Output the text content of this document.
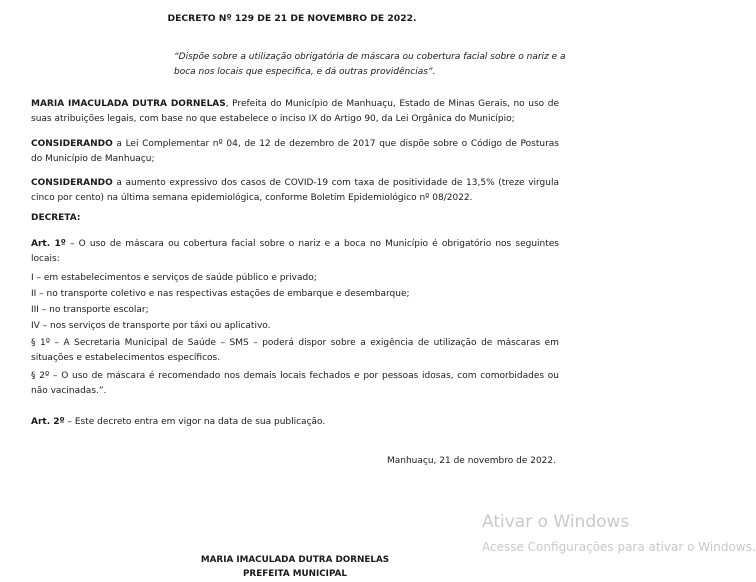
DECRETO Nº 129 DE 21 DE NOVEMBRO DE 2022.
“Dispõe sobre a utilização obrigatória de máscara ou cobertura facial sobre o nariz e a boca nos locais que especifica, e dá outras providências”.
MARIA IMACULADA DUTRA DORNELAS, Prefeita do Município de Manhuaçu, Estado de Minas Gerais, no uso de suas atribuições legais, com base no que estabelece o inciso IX do Artigo 90, da Lei Orgânica do Município;
CONSIDERANDO a Lei Complementar nº 04, de 12 de dezembro de 2017 que dispõe sobre o Código de Posturas do Município de Manhuaçu;
CONSIDERANDO a aumento expressivo dos casos de COVID-19 com taxa de positividade de 13,5% (treze virgula cinco por cento) na última semana epidemiológica, conforme Boletim Epidemiológico nº 08/2022.
DECRETA:
Art. 1º – O uso de máscara ou cobertura facial sobre o nariz e a boca no Município é obrigatório nos seguintes locais:
I – em estabelecimentos e serviços de saúde público e privado;
II – no transporte coletivo e nas respectivas estações de embarque e desembarque;
III – no transporte escolar;
IV – nos serviços de transporte por táxi ou aplicativo.
§ 1º – A Secretaria Municipal de Saúde – SMS – poderá dispor sobre a exigência de utilização de máscaras em situações e estabelecimentos específicos.
§ 2º – O uso de máscara é recomendado nos demais locais fechados e por pessoas idosas, com comorbidades ou não vacinadas.”.
Art. 2º – Este decreto entra em vigor na data de sua publicação.
Manhuaçu, 21 de novembro de 2022.
Ativar o Windows
Acesse Configurações para ativar o Windows.
MARIA IMACULADA DUTRA DORNELAS
PREFEITA MUNICIPAL
